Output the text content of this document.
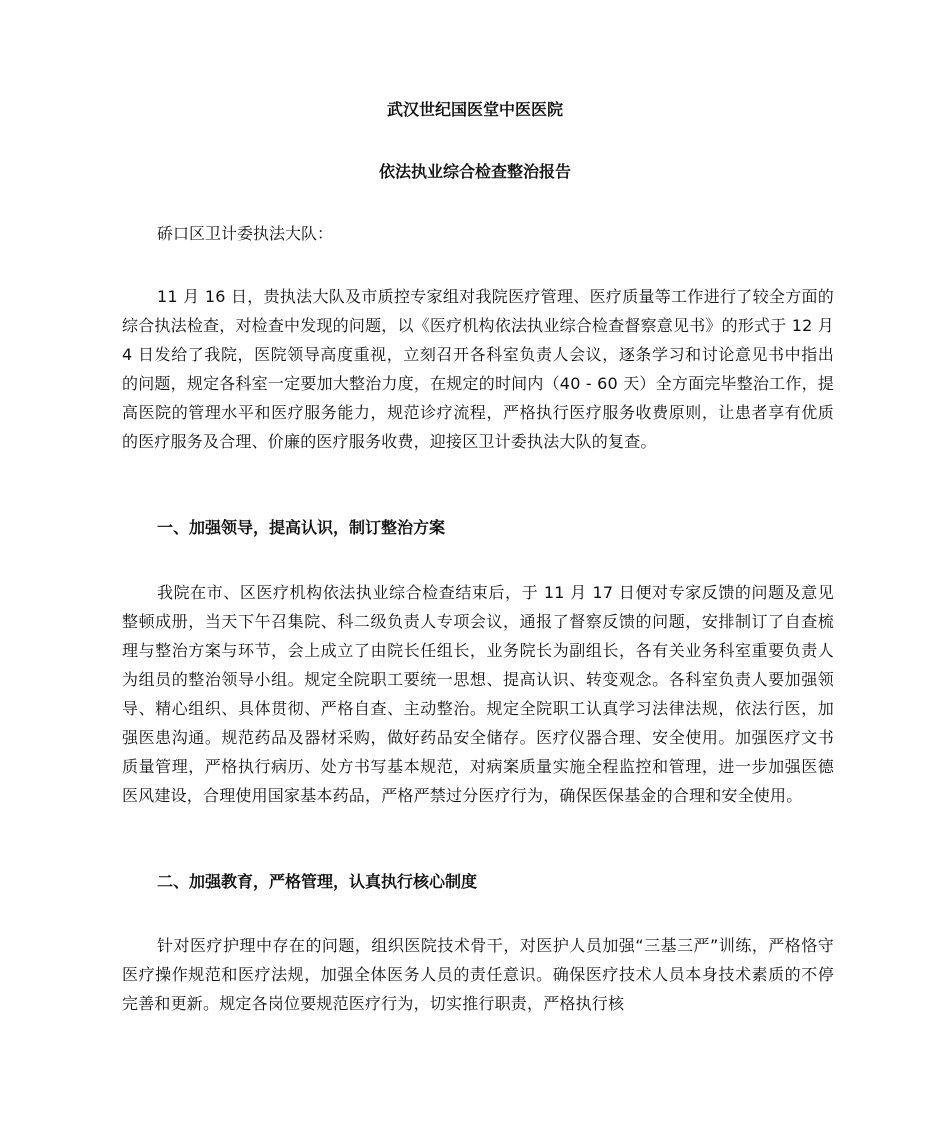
武汉世纪国医堂中医医院
依法执业综合检查整治报告
硚口区卫计委执法大队：
11 月 16 日，贵执法大队及市质控专家组对我院医疗管理、医疗质量等工作进行了较全方面的综合执法检查，对检查中发现的问题，以《医疗机构依法执业综合检查督察意见书》的形式于 12 月 4 日发给了我院，医院领导高度重视，立刻召开各科室负责人会议，逐条学习和讨论意见书中指出的问题，规定各科室一定要加大整治力度，在规定的时间内（40 - 60 天）全方面完毕整治工作，提高医院的管理水平和医疗服务能力，规范诊疗流程，严格执行医疗服务收费原则，让患者享有优质的医疗服务及合理、价廉的医疗服务收费，迎接区卫计委执法大队的复查。
一、加强领导，提高认识，制订整治方案
我院在市、区医疗机构依法执业综合检查结束后，于 11 月 17 日便对专家反馈的问题及意见整顿成册，当天下午召集院、科二级负责人专项会议，通报了督察反馈的问题，安排制订了自查梳理与整治方案与环节，会上成立了由院长任组长，业务院长为副组长，各有关业务科室重要负责人为组员的整治领导小组。规定全院职工要统一思想、提高认识、转变观念。各科室负责人要加强领导、精心组织、具体贯彻、严格自查、主动整治。规定全院职工认真学习法律法规，依法行医，加强医患沟通。规范药品及器材采购，做好药品安全储存。医疗仪器合理、安全使用。加强医疗文书质量管理，严格执行病历、处方书写基本规范，对病案质量实施全程监控和管理，进一步加强医德医风建设，合理使用国家基本药品，严格严禁过分医疗行为，确保医保基金的合理和安全使用。
二、加强教育，严格管理，认真执行核心制度
针对医疗护理中存在的问题，组织医院技术骨干，对医护人员加强“三基三严”训练，严格恪守医疗操作规范和医疗法规，加强全体医务人员的责任意识。确保医疗技术人员本身技术素质的不停完善和更新。规定各岗位要规范医疗行为，切实推行职责，严格执行核
